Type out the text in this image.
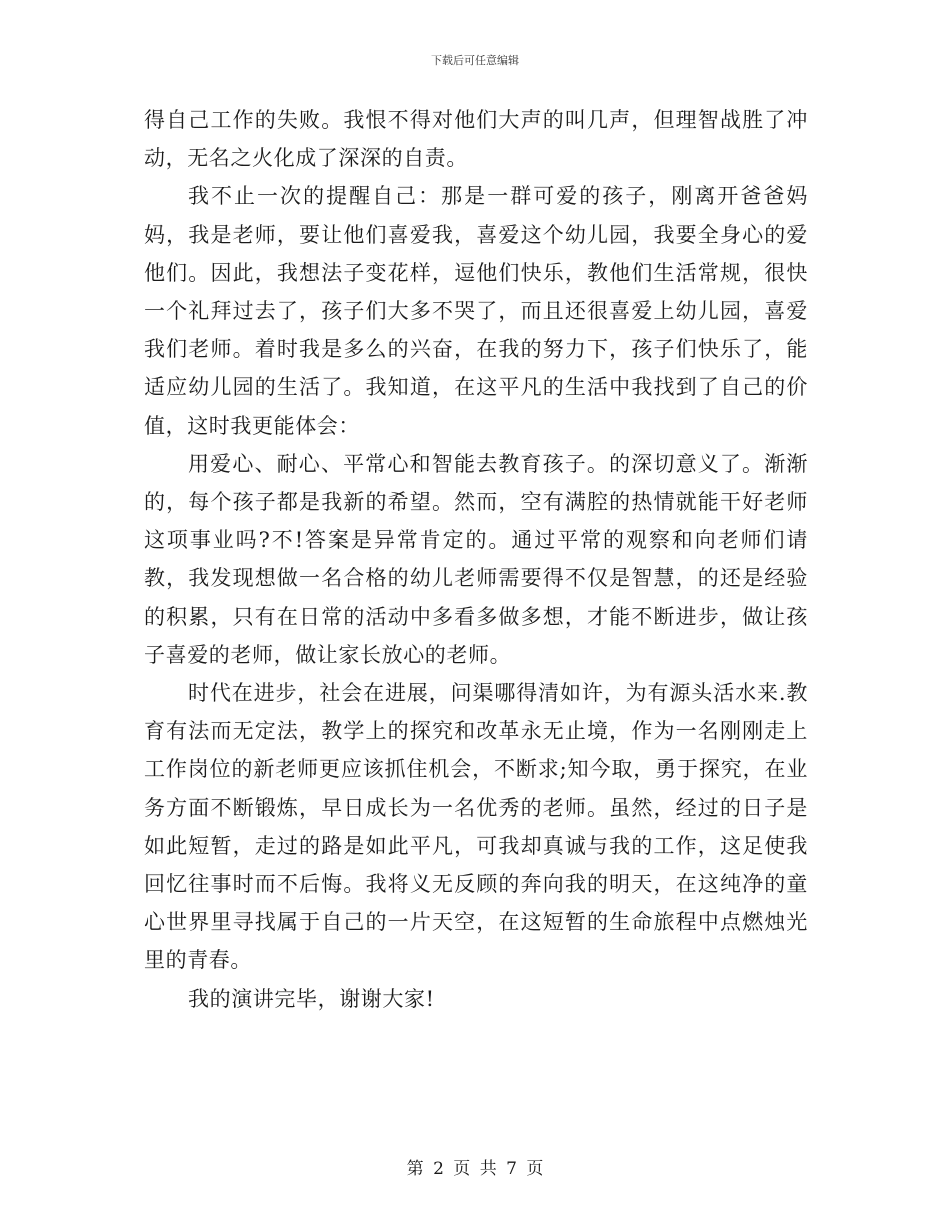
下载后可任意编辑

得自己工作的失败。我恨不得对他们大声的叫几声，但理智战胜了冲动，无名之火化成了深深的自责。

我不止一次的提醒自己：那是一群可爱的孩子，刚离开爸爸妈妈，我是老师，要让他们喜爱我，喜爱这个幼儿园，我要全身心的爱他们。因此，我想法子变花样，逗他们快乐，教他们生活常规，很快一个礼拜过去了，孩子们大多不哭了，而且还很喜爱上幼儿园，喜爱我们老师。着时我是多么的兴奋，在我的努力下，孩子们快乐了，能适应幼儿园的生活了。我知道，在这平凡的生活中我找到了自己的价值，这时我更能体会：

用爱心、耐心、平常心和智能去教育孩子。的深切意义了。渐渐的，每个孩子都是我新的希望。然而，空有满腔的热情就能干好老师这项事业吗?不!答案是异常肯定的。通过平常的观察和向老师们请教，我发现想做一名合格的幼儿老师需要得不仅是智慧，的还是经验的积累，只有在日常的活动中多看多做多想，才能不断进步，做让孩子喜爱的老师，做让家长放心的老师。

时代在进步，社会在进展，问渠哪得清如许，为有源头活水来.教育有法而无定法，教学上的探究和改革永无止境，作为一名刚刚走上工作岗位的新老师更应该抓住机会，不断求;知今取，勇于探究，在业务方面不断锻炼，早日成长为一名优秀的老师。虽然，经过的日子是如此短暂，走过的路是如此平凡，可我却真诚与我的工作，这足使我回忆往事时而不后悔。我将义无反顾的奔向我的明天，在这纯净的童心世界里寻找属于自己的一片天空，在这短暂的生命旅程中点燃烛光里的青春。

我的演讲完毕，谢谢大家!

第 2 页 共 7 页
